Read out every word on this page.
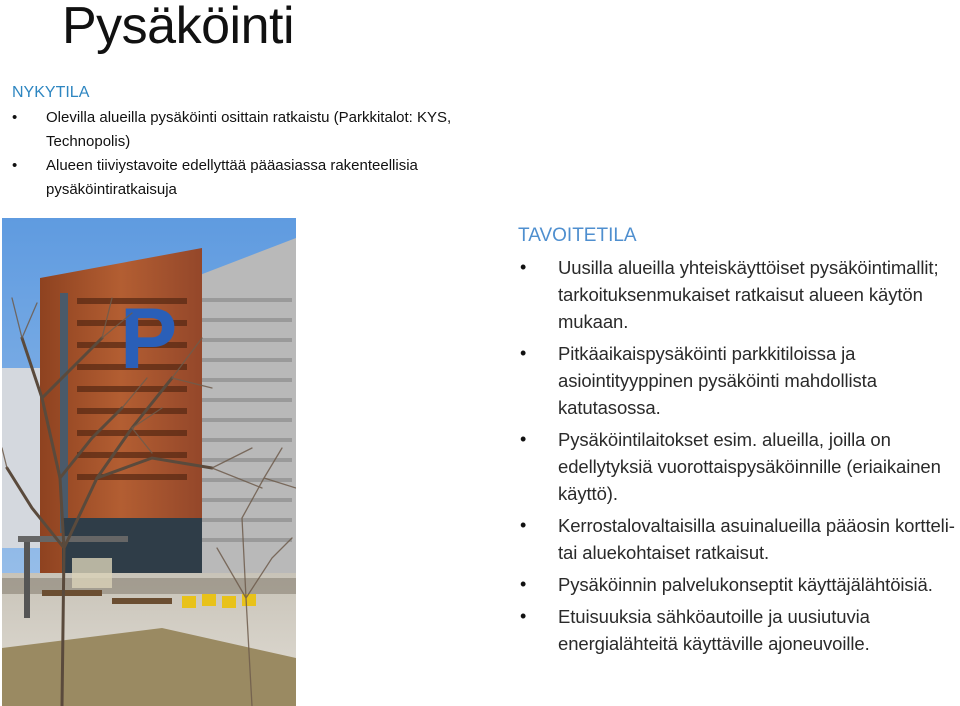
Pysäköinti
NYKYTILA
• Olevilla alueilla pysäköinti osittain ratkaistu (Parkkitalot: KYS, Technopolis)
• Alueen tiiviystavoite edellyttää pääasiassa rakenteellisia pysäköintiratkaisuja
P
TAVOITETILA
• Uusilla alueilla yhteiskäyttöiset pysäköintimallit; tarkoituksenmukaiset ratkaisut alueen käytön mukaan.
• Pitkäaikaispysäköinti parkkitiloissa ja asiointityyppinen pysäköinti mahdollista katutasossa.
• Pysäköintilaitokset esim. alueilla, joilla on edellytyksiä vuorottaispysäköinnille (eriaikainen käyttö).
• Kerrostalovaltaisilla asuinalueilla pääosin kortteli- tai aluekohtaiset ratkaisut.
• Pysäköinnin palvelukonseptit käyttäjälähtöisiä.
• Etuisuuksia sähköautoille ja uusiutuvia energialähteitä käyttäville ajoneuvoille.
